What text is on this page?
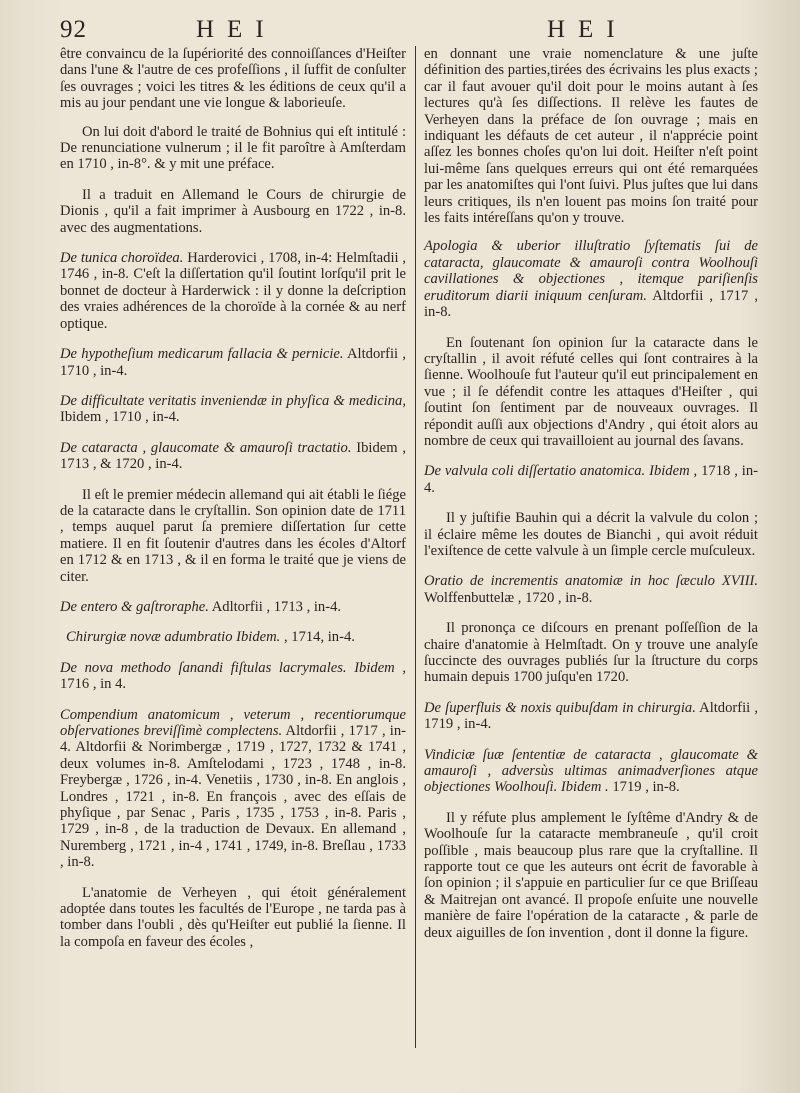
92	HEI	HEI

être convaincu de la ſupériorité des connoiſſances d'Heiſter dans l'une & l'autre de ces profeſſions , il ſuffit de conſulter ſes ouvrages ; voici les titres & les éditions de ceux qu'il a mis au jour pendant une vie longue & laborieuſe.

On lui doit d'abord le traité de Bohnius qui eſt intitulé : De renunciatione vulnerum ; il le fit paroître à Amſterdam en 1710 , in-8°. & y mit une préface.

Il a traduit en Allemand le Cours de chirurgie de Dionis , qu'il a fait imprimer à Ausbourg en 1722 , in-8. avec des augmentations.

De tunica choroïdea. Harderovici , 1708, in-4: Helmſtadii , 1746 , in-8. C'eſt la diſſertation qu'il ſoutint lorſqu'il prit le bonnet de docteur à Harderwick : il y donne la deſcription des vraies adhérences de la choroïde à la cornée & au nerf optique.

De hypotheſium medicarum fallacia & pernicie. Altdorfii , 1710 , in-4.

De difficultate veritatis inveniendæ in phyſica & medicina, Ibidem , 1710 , in-4.

De cataracta , glaucomate & amauroſi tractatio. Ibidem , 1713 , & 1720 , in-4.

Il eſt le premier médecin allemand qui ait établi le ſiége de la cataracte dans le cryſtallin. Son opinion date de 1711 , temps auquel parut ſa premiere diſſertation ſur cette matiere. Il en fit ſoutenir d'autres dans les écoles d'Altorf en 1712 & en 1713 , & il en forma le traité que je viens de citer.

De entero & gaſtroraphe. Adltorfii , 1713 , in-4.

Chirurgiæ novæ adumbratio Ibidem. , 1714, in-4.

De nova methodo ſanandi fiſtulas lacrymales. Ibidem , 1716 , in 4.

Compendium anatomicum , veterum , recentiorumque obſervationes breviſſimè complectens. Altdorfii , 1717 , in-4. Altdorfii & Norimbergæ , 1719 , 1727, 1732 & 1741 , deux volumes in-8. Amſtelodami , 1723 , 1748 , in-8. Freybergæ , 1726 , in-4. Venetiis , 1730 , in-8. En anglois , Londres , 1721 , in-8. En françois , avec des eſſais de phyſique , par Senac , Paris , 1735 , 1753 , in-8. Paris , 1729 , in-8 , de la traduction de Devaux. En allemand , Nuremberg , 1721 , in-4 , 1741 , 1749, in-8. Breſlau , 1733 , in-8.

L'anatomie de Verheyen , qui étoit généralement adoptée dans toutes les facultés de l'Europe , ne tarda pas à tomber dans l'oubli , dès qu'Heiſter eut publié la ſienne. Il la compoſa en faveur des écoles ,

en donnant une vraie nomenclature & une juſte définition des parties,tirées des écrivains les plus exacts ; car il faut avouer qu'il doit pour le moins autant à ſes lectures qu'à ſes diſſections. Il relève les fautes de Verheyen dans la préface de ſon ouvrage ; mais en indiquant les défauts de cet auteur , il n'apprécie point aſſez les bonnes choſes qu'on lui doit. Heiſter n'eſt point lui-même ſans quelques erreurs qui ont été remarquées par les anatomiſtes qui l'ont ſuivi. Plus juſtes que lui dans leurs critiques, ils n'en louent pas moins ſon traité pour les faits intéreſſans qu'on y trouve.

Apologia & uberior illuſtratio ſyſtematis ſui de cataracta, glaucomate & amauroſi contra Woolhouſi cavillationes & objectiones , itemque pariſienſis eruditorum diarii iniquum cenſuram. Altdorfii , 1717 , in-8.

En ſoutenant ſon opinion ſur la cataracte dans le cryſtallin , il avoit réfuté celles qui ſont contraires à la ſienne. Woolhouſe fut l'auteur qu'il eut principalement en vue ; il ſe défendit contre les attaques d'Heiſter , qui ſoutint ſon ſentiment par de nouveaux ouvrages. Il répondit auſſi aux objections d'Andry , qui étoit alors au nombre de ceux qui travailloient au journal des ſavans.

De valvula coli diſſertatio anatomica. Ibidem , 1718 , in-4.

Il y juſtifie Bauhin qui a décrit la valvule du colon ; il éclaire même les doutes de Bianchi , qui avoit réduit l'exiſtence de cette valvule à un ſimple cercle muſculeux.

Oratio de incrementis anatomiæ in hoc ſæculo XVIII. Wolffenbuttelæ , 1720 , in-8.

Il prononça ce diſcours en prenant poſſeſſion de la chaire d'anatomie à Helmſtadt. On y trouve une analyſe ſuccincte des ouvrages publiés ſur la ſtructure du corps humain depuis 1700 juſqu'en 1720.

De ſuperfluis & noxis quibuſdam in chirurgia. Altdorfii , 1719 , in-4.

Vindiciæ ſuæ ſententiæ de cataracta , glaucomate & amauroſi , adversùs ultimas animadverſiones atque objectiones Woolhouſi. Ibidem . 1719 , in-8.

Il y réfute plus amplement le ſyſtême d'Andry & de Woolhouſe ſur la cataracte membraneuſe , qu'il croit poſſible , mais beaucoup plus rare que la cryſtalline. Il rapporte tout ce que les auteurs ont écrit de favorable à ſon opinion ; il s'appuie en particulier ſur ce que Briſſeau & Maitrejan ont avancé. Il propoſe enſuite une nouvelle manière de faire l'opération de la cataracte , & parle de deux aiguilles de ſon invention , dont il donne la figure.
